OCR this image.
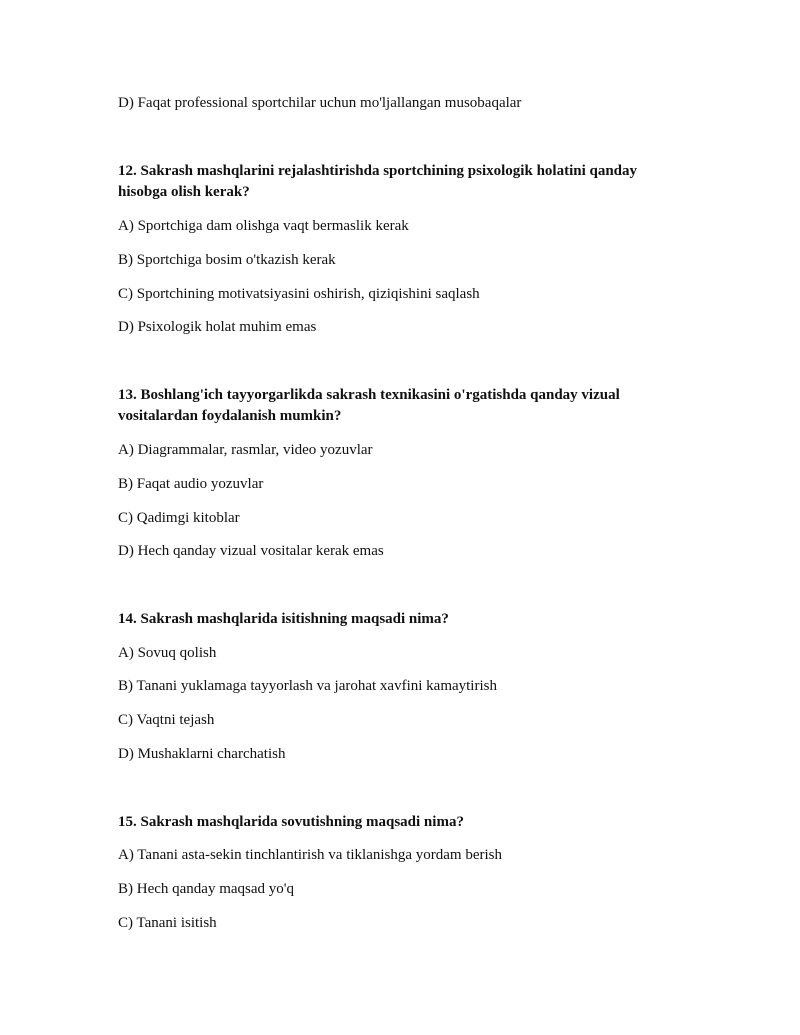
D) Faqat professional sportchilar uchun mo'ljallangan musobaqalar
12. Sakrash mashqlarini rejalashtirishda sportchining psixologik holatini qanday hisobga olish kerak?
A) Sportchiga dam olishga vaqt bermaslik kerak
B) Sportchiga bosim o'tkazish kerak
C) Sportchining motivatsiyasini oshirish, qiziqishini saqlash
D) Psixologik holat muhim emas
13. Boshlang'ich tayyorgarlikda sakrash texnikasini o'rgatishda qanday vizual vositalardan foydalanish mumkin?
A) Diagrammalar, rasmlar, video yozuvlar
B) Faqat audio yozuvlar
C) Qadimgi kitoblar
D) Hech qanday vizual vositalar kerak emas
14. Sakrash mashqlarida isitishning maqsadi nima?
A) Sovuq qolish
B) Tanani yuklamaga tayyorlash va jarohat xavfini kamaytirish
C) Vaqtni tejash
D) Mushaklarni charchatish
15. Sakrash mashqlarida sovutishning maqsadi nima?
A) Tanani asta-sekin tinchlantirish va tiklanishga yordam berish
B) Hech qanday maqsad yo'q
C) Tanani isitish
